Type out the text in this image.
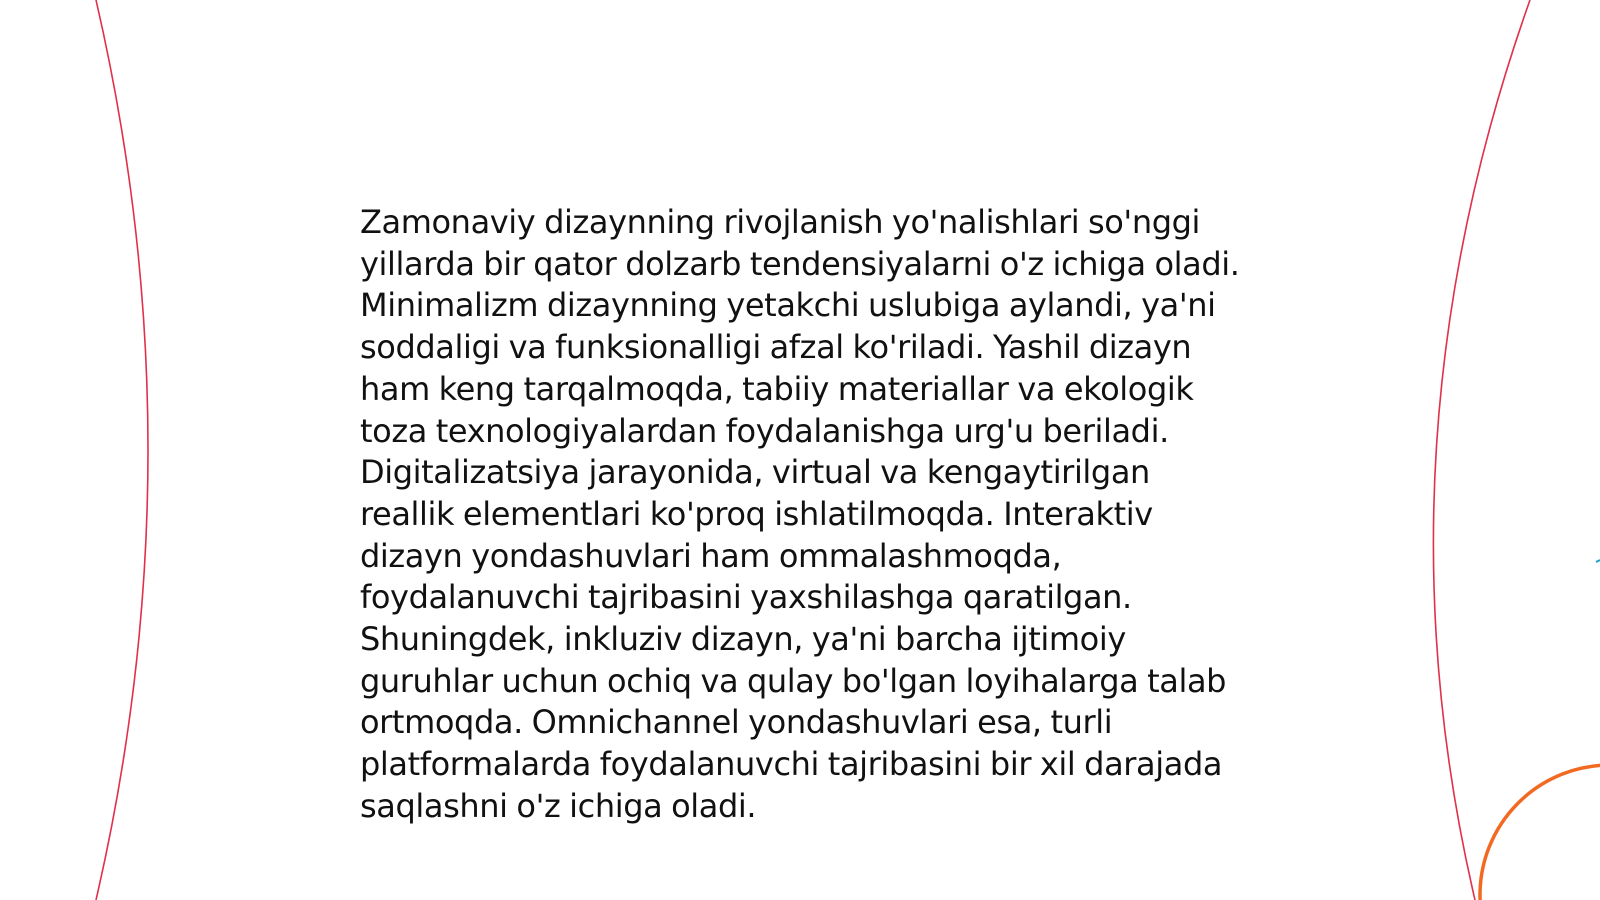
Zamonaviy dizaynning rivojlanish yo'nalishlari so'nggi yillarda bir qator dolzarb tendensiyalarni o'z ichiga oladi. Minimalizm dizaynning yetakchi uslubiga aylandi, ya'ni soddaligi va funksionalligi afzal ko'riladi. Yashil dizayn ham keng tarqalmoqda, tabiiy materiallar va ekologik toza texnologiyalardan foydalanishga urg'u beriladi. Digitalizatsiya jarayonida, virtual va kengaytirilgan reallik elementlari ko'proq ishlatilmoqda. Interaktiv dizayn yondashuvlari ham ommalashmoqda, foydalanuvchi tajribasini yaxshilashga qaratilgan. Shuningdek, inkluziv dizayn, ya'ni barcha ijtimoiy guruhlar uchun ochiq va qulay bo'lgan loyihalarga talab ortmoqda. Omnichannel yondashuvlari esa, turli platformalarda foydalanuvchi tajribasini bir xil darajada saqlashni o'z ichiga oladi.
